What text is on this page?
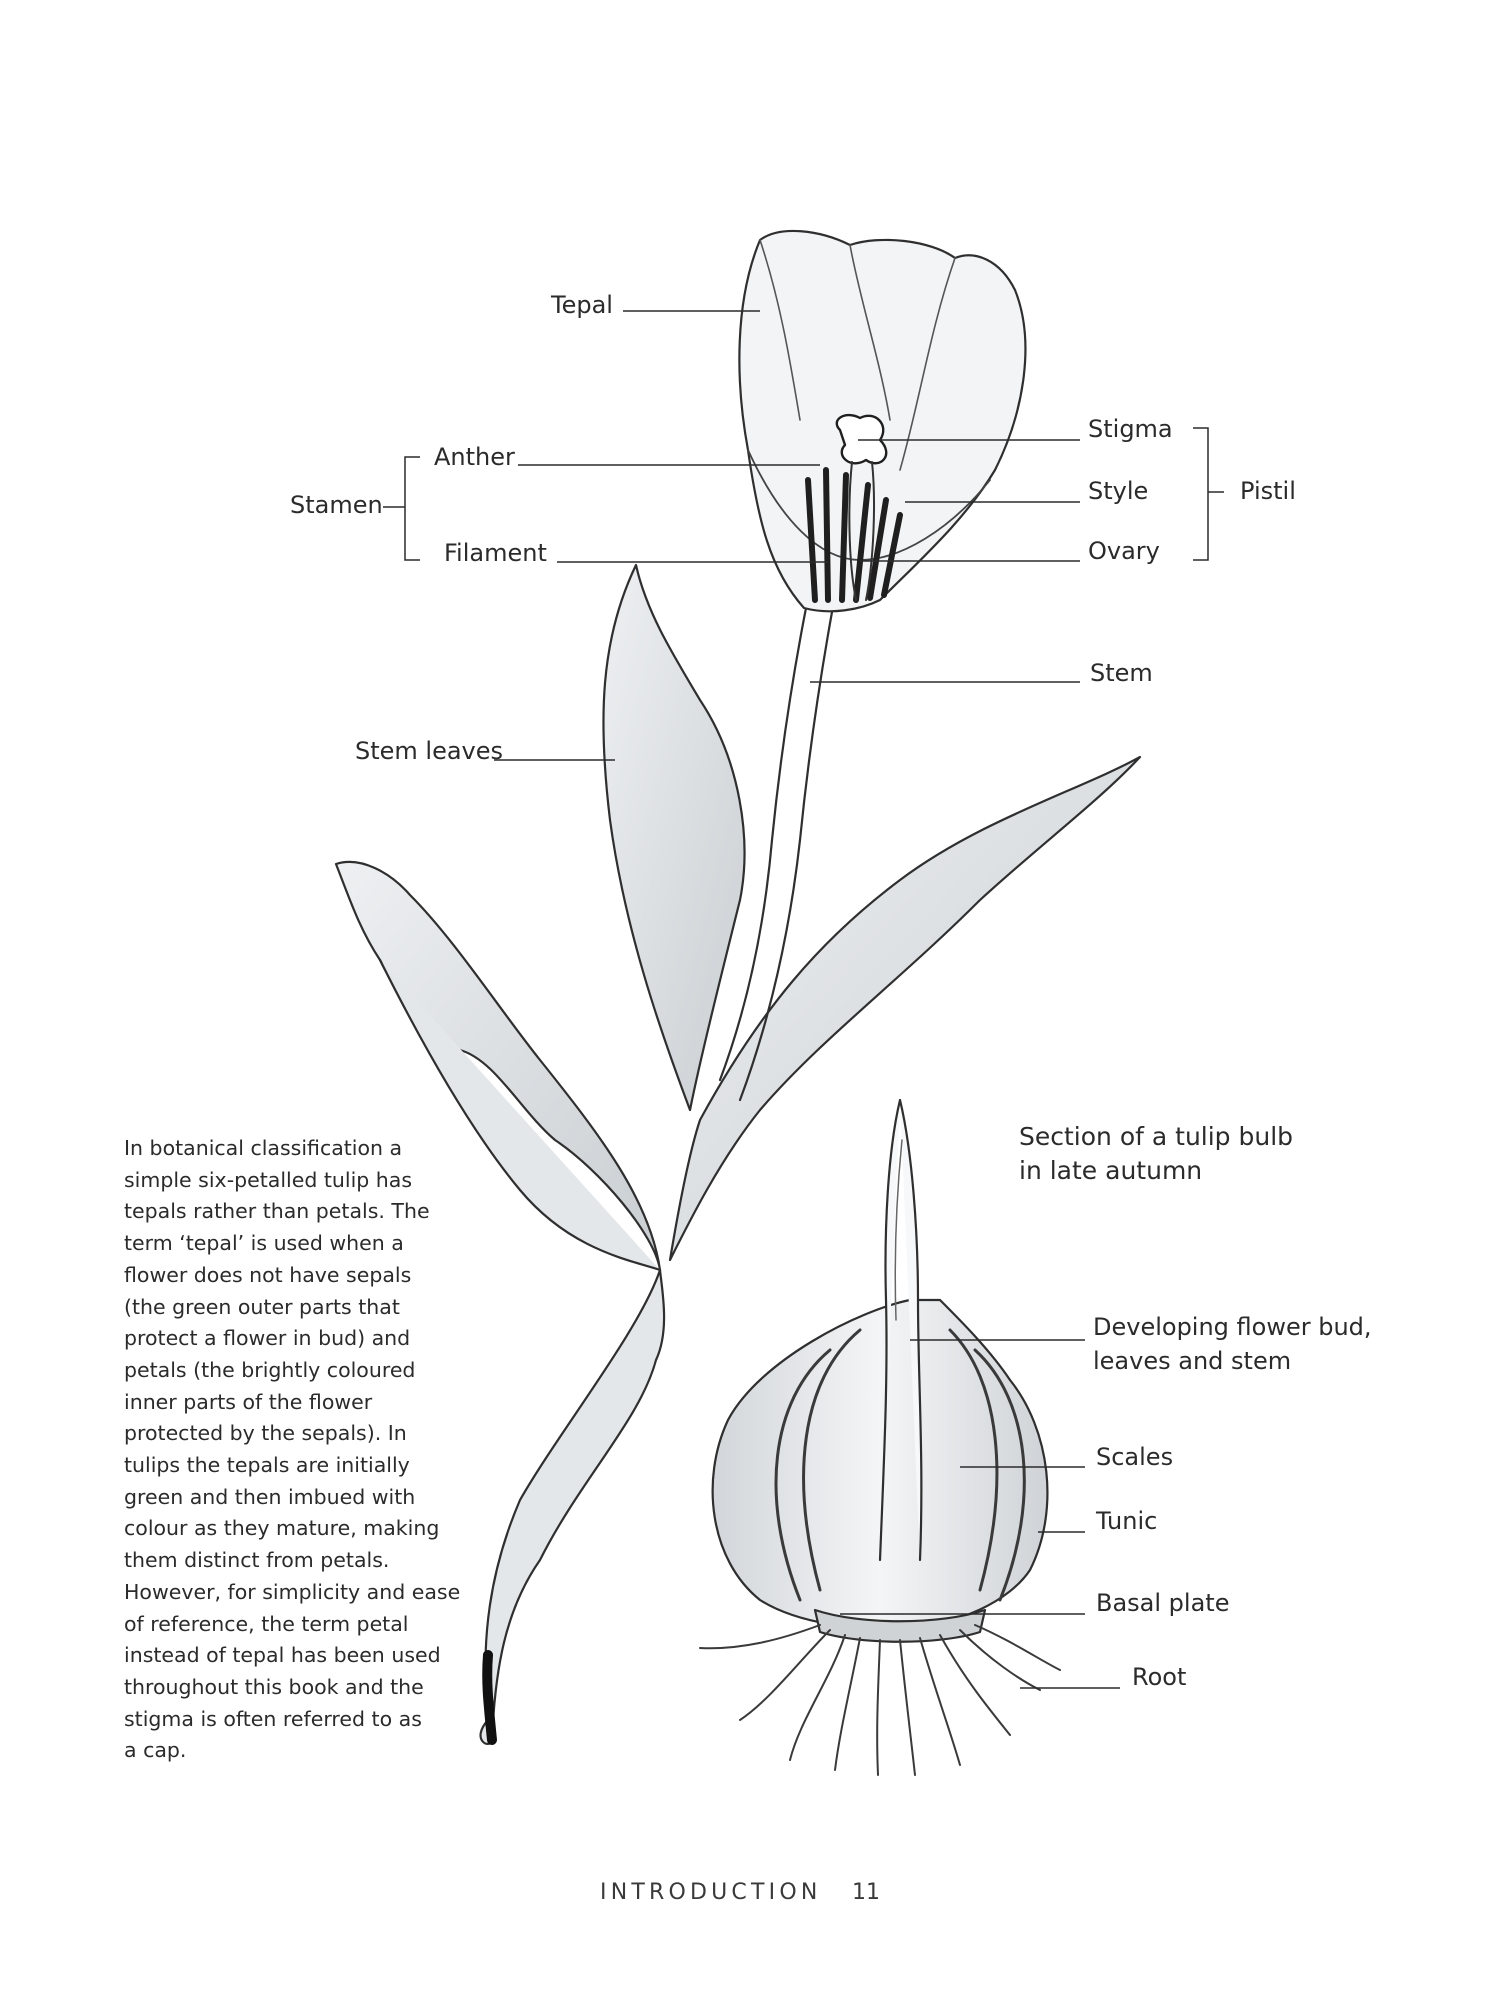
Tepal
Stamen
Anther
Filament
Stigma
Style
Ovary
Pistil
Stem
Stem leaves
Section of a tulip bulb
in late autumn
Developing flower bud,
leaves and stem
Scales
Tunic
Basal plate
Root
In botanical classification a
simple six-petalled tulip has
tepals rather than petals. The
term ‘tepal’ is used when a
flower does not have sepals
(the green outer parts that
protect a flower in bud) and
petals (the brightly coloured
inner parts of the flower
protected by the sepals). In
tulips the tepals are initially
green and then imbued with
colour as they mature, making
them distinct from petals.
However, for simplicity and ease
of reference, the term petal
instead of tepal has been used
throughout this book and the
stigma is often referred to as
a cap.
INTRODUCTION 11
